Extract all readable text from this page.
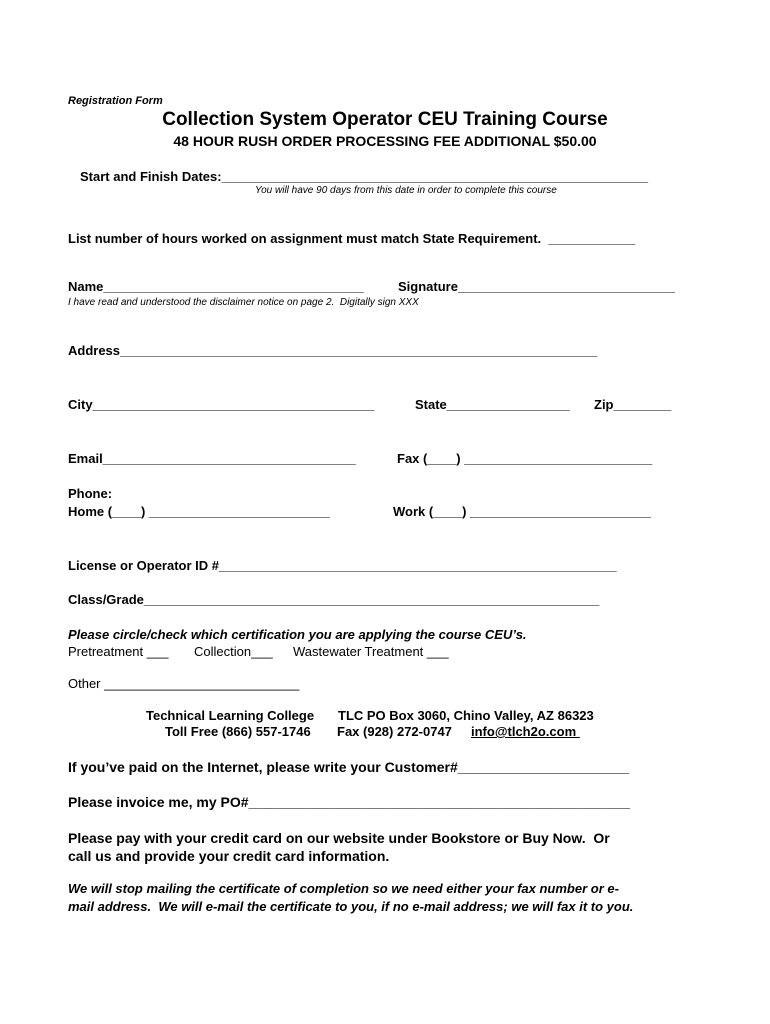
Registration Form
Collection System Operator CEU Training Course
48 HOUR RUSH ORDER PROCESSING FEE ADDITIONAL $50.00
Start and Finish Dates:___________________________________________________________
You will have 90 days from this date in order to complete this course
List number of hours worked on assignment must match State Requirement.  ____________
Name____________________________________	Signature______________________________
I have read and understood the disclaimer notice on page 2.  Digitally sign XXX
Address__________________________________________________________________
City_______________________________________	State_________________ Zip________
Email___________________________________	Fax (____) __________________________
Phone:
Home (____) _________________________	Work (____) _________________________
License or Operator ID #_______________________________________________________
Class/Grade_______________________________________________________________
Please circle/check which certification you are applying the course CEU’s.
Pretreatment ___ Collection___ Wastewater Treatment ___
Other ___________________________
Technical Learning College TLC PO Box 3060, Chino Valley, AZ 86323
Toll Free (866) 557-1746 Fax (928) 272-0747 info@tlch2o.com
If you’ve paid on the Internet, please write your Customer#______________________
Please invoice me, my PO#_________________________________________________
Please pay with your credit card on our website under Bookstore or Buy Now.  Or
call us and provide your credit card information.
We will stop mailing the certificate of completion so we need either your fax number or e-
mail address.  We will e-mail the certificate to you, if no e-mail address; we will fax it to you.
